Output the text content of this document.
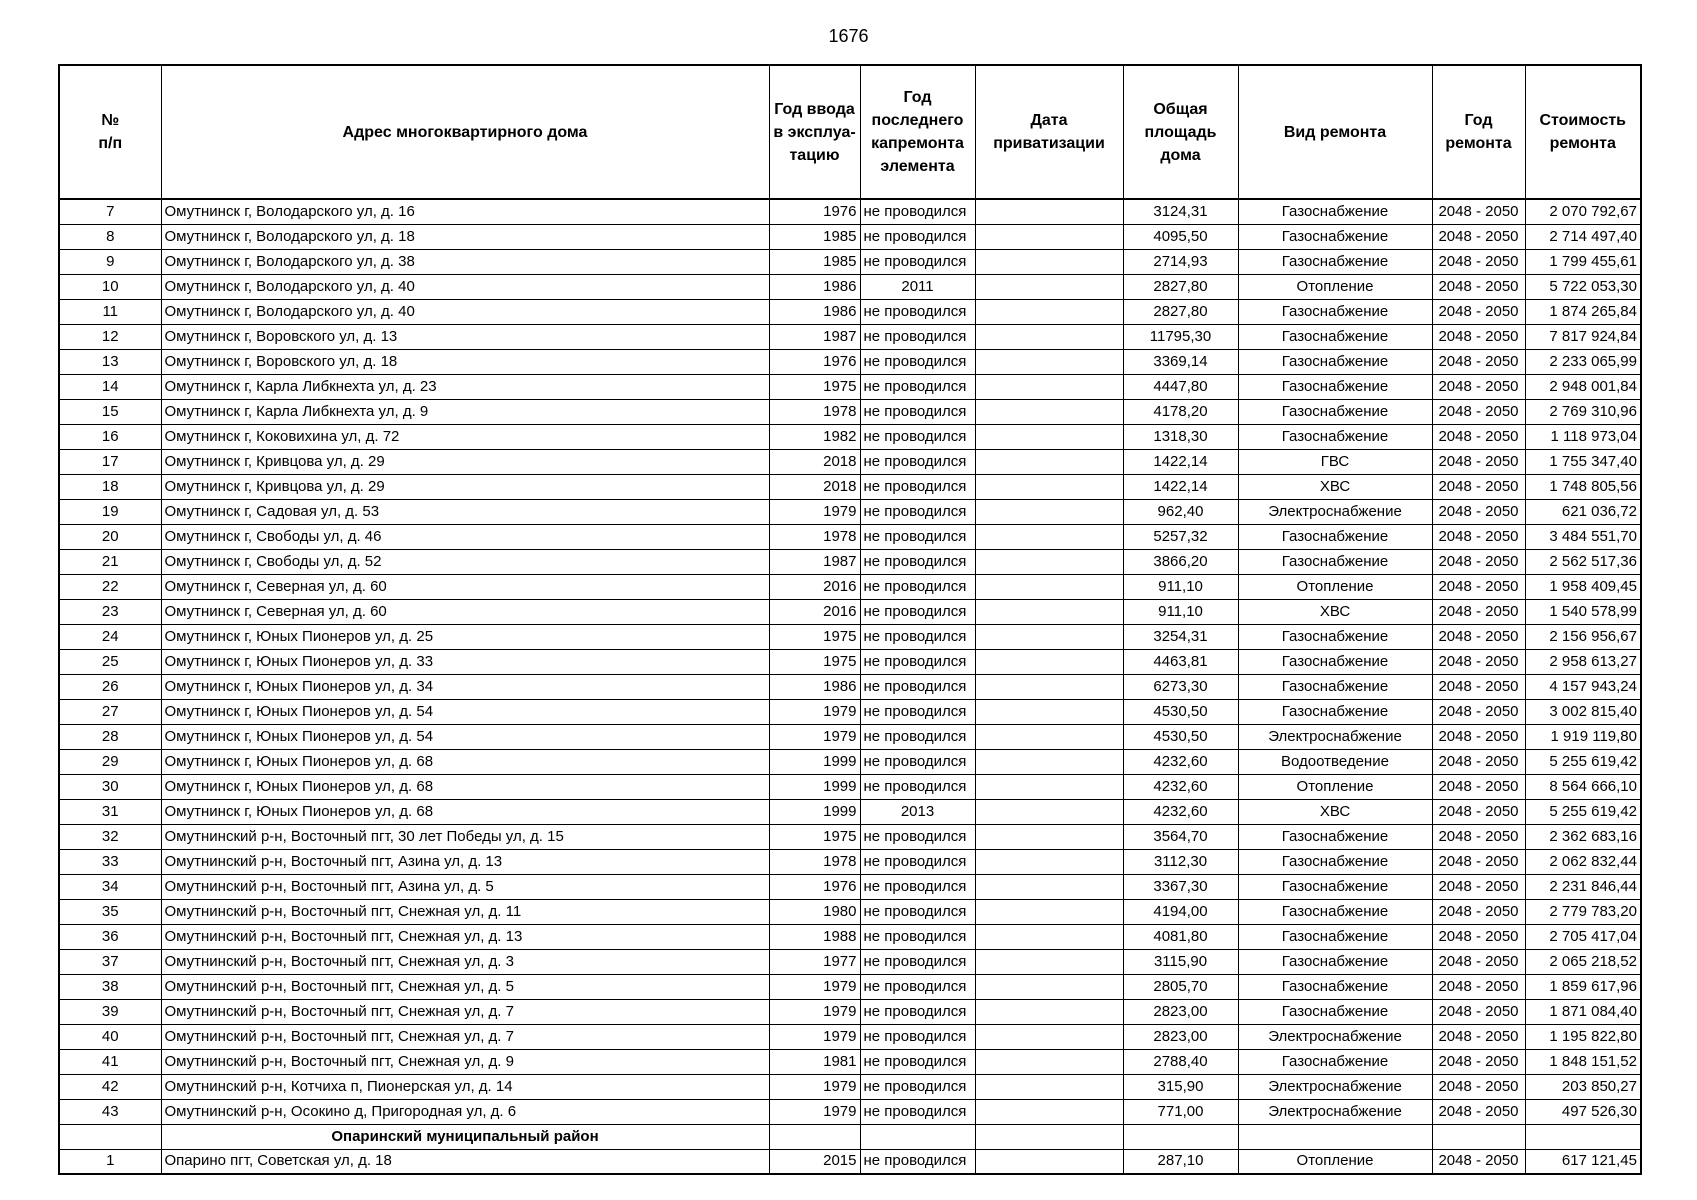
1676
№ п/п	Адрес многоквартирного дома	Год ввода в эксплуа-тацию	Год последнего капремонта элемента	Дата приватизации	Общая площадь дома	Вид ремонта	Год ремонта	Стоимость ремонта
7	Омутнинск г, Володарского ул, д. 16	1976	не проводился		3124,31	Газоснабжение	2048 - 2050	2 070 792,67
8	Омутнинск г, Володарского ул, д. 18	1985	не проводился		4095,50	Газоснабжение	2048 - 2050	2 714 497,40
9	Омутнинск г, Володарского ул, д. 38	1985	не проводился		2714,93	Газоснабжение	2048 - 2050	1 799 455,61
10	Омутнинск г, Володарского ул, д. 40	1986	2011		2827,80	Отопление	2048 - 2050	5 722 053,30
11	Омутнинск г, Володарского ул, д. 40	1986	не проводился		2827,80	Газоснабжение	2048 - 2050	1 874 265,84
12	Омутнинск г, Воровского ул, д. 13	1987	не проводился		11795,30	Газоснабжение	2048 - 2050	7 817 924,84
13	Омутнинск г, Воровского ул, д. 18	1976	не проводился		3369,14	Газоснабжение	2048 - 2050	2 233 065,99
14	Омутнинск г, Карла Либкнехта ул, д. 23	1975	не проводился		4447,80	Газоснабжение	2048 - 2050	2 948 001,84
15	Омутнинск г, Карла Либкнехта ул, д. 9	1978	не проводился		4178,20	Газоснабжение	2048 - 2050	2 769 310,96
16	Омутнинск г, Коковихина ул, д. 72	1982	не проводился		1318,30	Газоснабжение	2048 - 2050	1 118 973,04
17	Омутнинск г, Кривцова ул, д. 29	2018	не проводился		1422,14	ГВС	2048 - 2050	1 755 347,40
18	Омутнинск г, Кривцова ул, д. 29	2018	не проводился		1422,14	ХВС	2048 - 2050	1 748 805,56
19	Омутнинск г, Садовая ул, д. 53	1979	не проводился		962,40	Электроснабжение	2048 - 2050	621 036,72
20	Омутнинск г, Свободы ул, д. 46	1978	не проводился		5257,32	Газоснабжение	2048 - 2050	3 484 551,70
21	Омутнинск г, Свободы ул, д. 52	1987	не проводился		3866,20	Газоснабжение	2048 - 2050	2 562 517,36
22	Омутнинск г, Северная ул, д. 60	2016	не проводился		911,10	Отопление	2048 - 2050	1 958 409,45
23	Омутнинск г, Северная ул, д. 60	2016	не проводился		911,10	ХВС	2048 - 2050	1 540 578,99
24	Омутнинск г, Юных Пионеров ул, д. 25	1975	не проводился		3254,31	Газоснабжение	2048 - 2050	2 156 956,67
25	Омутнинск г, Юных Пионеров ул, д. 33	1975	не проводился		4463,81	Газоснабжение	2048 - 2050	2 958 613,27
26	Омутнинск г, Юных Пионеров ул, д. 34	1986	не проводился		6273,30	Газоснабжение	2048 - 2050	4 157 943,24
27	Омутнинск г, Юных Пионеров ул, д. 54	1979	не проводился		4530,50	Газоснабжение	2048 - 2050	3 002 815,40
28	Омутнинск г, Юных Пионеров ул, д. 54	1979	не проводился		4530,50	Электроснабжение	2048 - 2050	1 919 119,80
29	Омутнинск г, Юных Пионеров ул, д. 68	1999	не проводился		4232,60	Водоотведение	2048 - 2050	5 255 619,42
30	Омутнинск г, Юных Пионеров ул, д. 68	1999	не проводился		4232,60	Отопление	2048 - 2050	8 564 666,10
31	Омутнинск г, Юных Пионеров ул, д. 68	1999	2013		4232,60	ХВС	2048 - 2050	5 255 619,42
32	Омутнинский р-н, Восточный пгт, 30 лет Победы ул, д. 15	1975	не проводился		3564,70	Газоснабжение	2048 - 2050	2 362 683,16
33	Омутнинский р-н, Восточный пгт, Азина ул, д. 13	1978	не проводился		3112,30	Газоснабжение	2048 - 2050	2 062 832,44
34	Омутнинский р-н, Восточный пгт, Азина ул, д. 5	1976	не проводился		3367,30	Газоснабжение	2048 - 2050	2 231 846,44
35	Омутнинский р-н, Восточный пгт, Снежная ул, д. 11	1980	не проводился		4194,00	Газоснабжение	2048 - 2050	2 779 783,20
36	Омутнинский р-н, Восточный пгт, Снежная ул, д. 13	1988	не проводился		4081,80	Газоснабжение	2048 - 2050	2 705 417,04
37	Омутнинский р-н, Восточный пгт, Снежная ул, д. 3	1977	не проводился		3115,90	Газоснабжение	2048 - 2050	2 065 218,52
38	Омутнинский р-н, Восточный пгт, Снежная ул, д. 5	1979	не проводился		2805,70	Газоснабжение	2048 - 2050	1 859 617,96
39	Омутнинский р-н, Восточный пгт, Снежная ул, д. 7	1979	не проводился		2823,00	Газоснабжение	2048 - 2050	1 871 084,40
40	Омутнинский р-н, Восточный пгт, Снежная ул, д. 7	1979	не проводился		2823,00	Электроснабжение	2048 - 2050	1 195 822,80
41	Омутнинский р-н, Восточный пгт, Снежная ул, д. 9	1981	не проводился		2788,40	Газоснабжение	2048 - 2050	1 848 151,52
42	Омутнинский р-н, Котчиха п, Пионерская ул, д. 14	1979	не проводился		315,90	Электроснабжение	2048 - 2050	203 850,27
43	Омутнинский р-н, Осокино д, Пригородная ул, д. 6	1979	не проводился		771,00	Электроснабжение	2048 - 2050	497 526,30
	Опаринский муниципальный район							
1	Опарино пгт, Советская ул, д. 18	2015	не проводился		287,10	Отопление	2048 - 2050	617 121,45
